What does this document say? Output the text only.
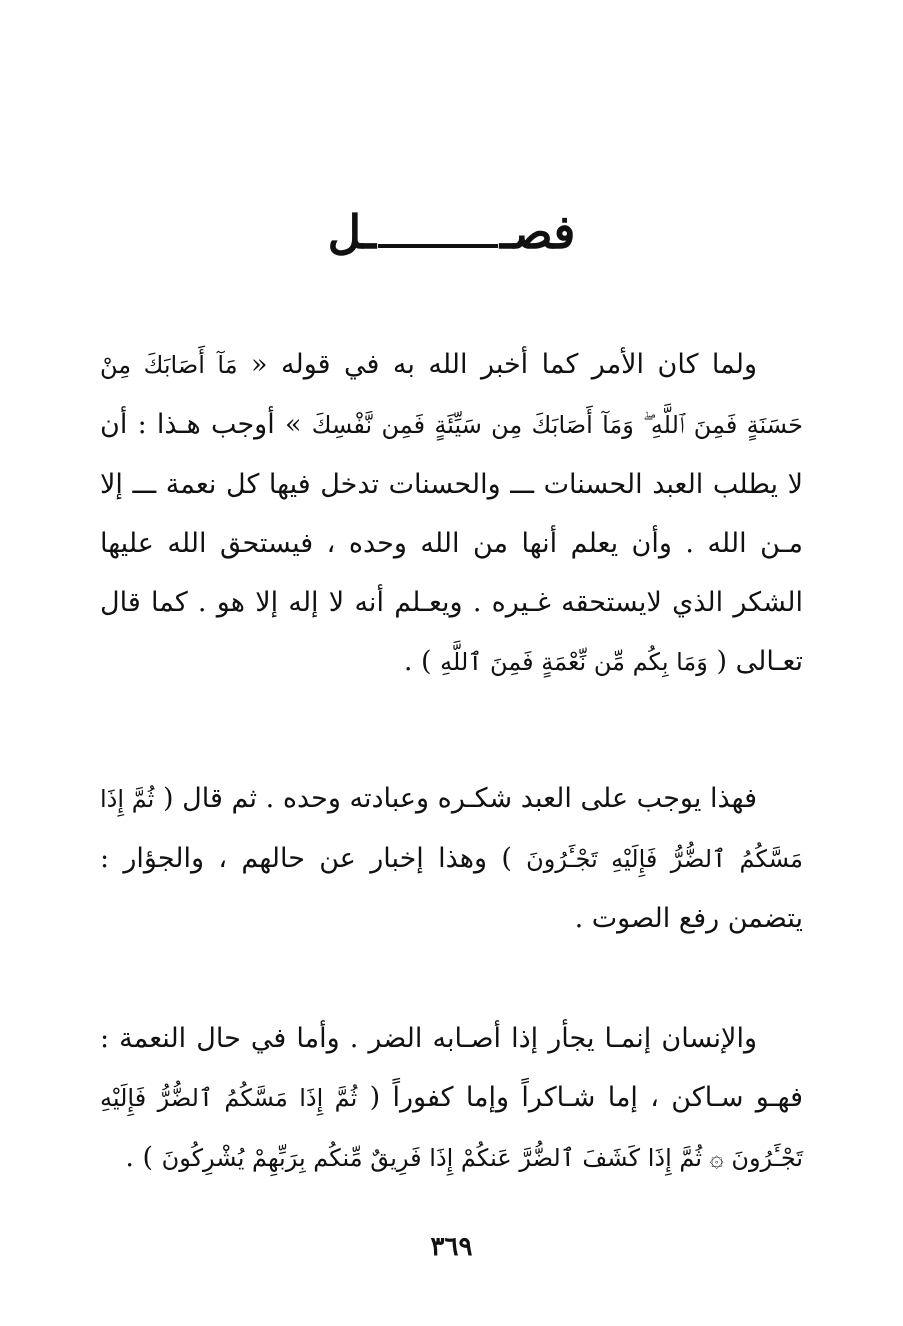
فصــل

ولما كان الأمر كما أخبر الله به في قوله « مَآ أَصَابَكَ مِنْ حَسَنَةٍ فَمِنَ ٱللَّهِ ۖ وَمَآ أَصَابَكَ مِن سَيِّئَةٍ فَمِن نَّفْسِكَ » أوجب هـذا : أن لا يطلب العبد الحسنات ـــ والحسنات تدخل فيها كل نعمة ـــ إلا مـن الله . وأن يعلم أنها من الله وحده ، فيستحق الله عليها الشكر الذي لايستحقه غـيره . ويعـلم أنه لا إله إلا هو . كما قال تعـالى ( وَمَا بِكُم مِّن نِّعْمَةٍ فَمِنَ ٱللَّهِ ) .

فهذا يوجب على العبد شكـره وعبادته وحده . ثم قال ( ثُمَّ إِذَا مَسَّكُمُ ٱلضُّرُّ فَإِلَيْهِ تَجْـَٔرُونَ ) وهذا إخبار عن حالهم ، والجؤار : يتضمن رفع الصوت .

والإنسان إنمـا يجأر إذا أصـابه الضر . وأما في حال النعمة : فهـو سـاكن ، إما شـاكراً وإما كفوراً ( ثُمَّ إِذَا مَسَّكُمُ ٱلضُّرُّ فَإِلَيْهِ تَجْـَٔرُونَ ۞ ثُمَّ إِذَا كَشَفَ ٱلضُّرَّ عَنكُمْ إِذَا فَرِيقٌ مِّنكُم بِرَبِّهِمْ يُشْرِكُونَ ) .

٣٦٩
